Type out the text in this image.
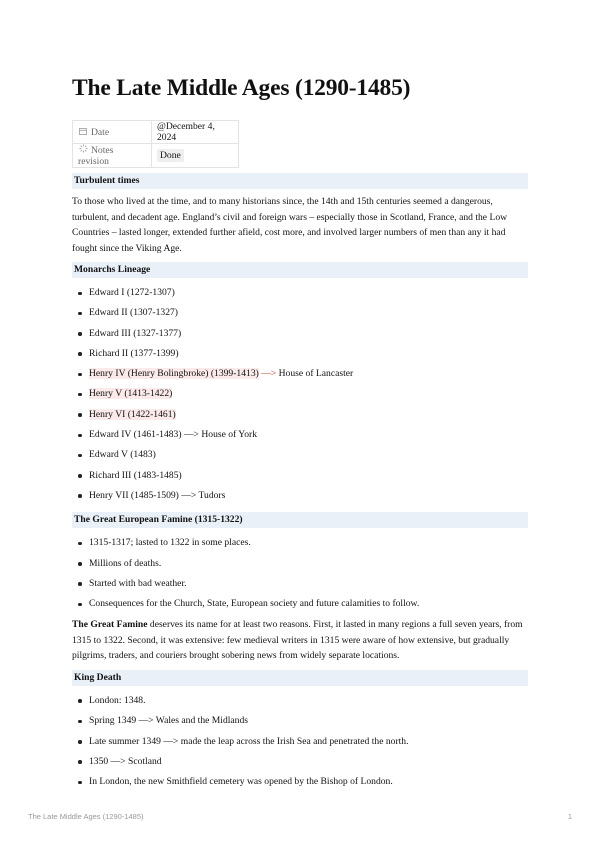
The Late Middle Ages (1290-1485)
Date	@December 4, 2024
Notes revision	Done
Turbulent times

To those who lived at the time, and to many historians since, the 14th and 15th centuries seemed a dangerous, turbulent, and decadent age. England’s civil and foreign wars – especially those in Scotland, France, and the Low Countries – lasted longer, extended further afield, cost more, and involved larger numbers of men than any it had fought since the Viking Age.

Monarchs Lineage
Edward I (1272-1307)
Edward II (1307-1327)
Edward III (1327-1377)
Richard II (1377-1399)
Henry IV (Henry Bolingbroke) (1399-1413) —> House of Lancaster
Henry V (1413-1422)
Henry VI (1422-1461)
Edward IV (1461-1483) —> House of York
Edward V (1483)
Richard III (1483-1485)
Henry VII (1485-1509) —> Tudors
The Great European Famine (1315-1322)
1315-1317; lasted to 1322 in some places.
Millions of deaths.
Started with bad weather.
Consequences for the Church, State, European society and future calamities to follow.

The Great Famine deserves its name for at least two reasons. First, it lasted in many regions a full seven years, from 1315 to 1322. Second, it was extensive: few medieval writers in 1315 were aware of how extensive, but gradually pilgrims, traders, and couriers brought sobering news from widely separate locations.

King Death
London: 1348.
Spring 1349 —> Wales and the Midlands
Late summer 1349 —> made the leap across the Irish Sea and penetrated the north.
1350 —> Scotland
In London, the new Smithfield cemetery was opened by the Bishop of London.
The Late Middle Ages (1290-1485)	1
